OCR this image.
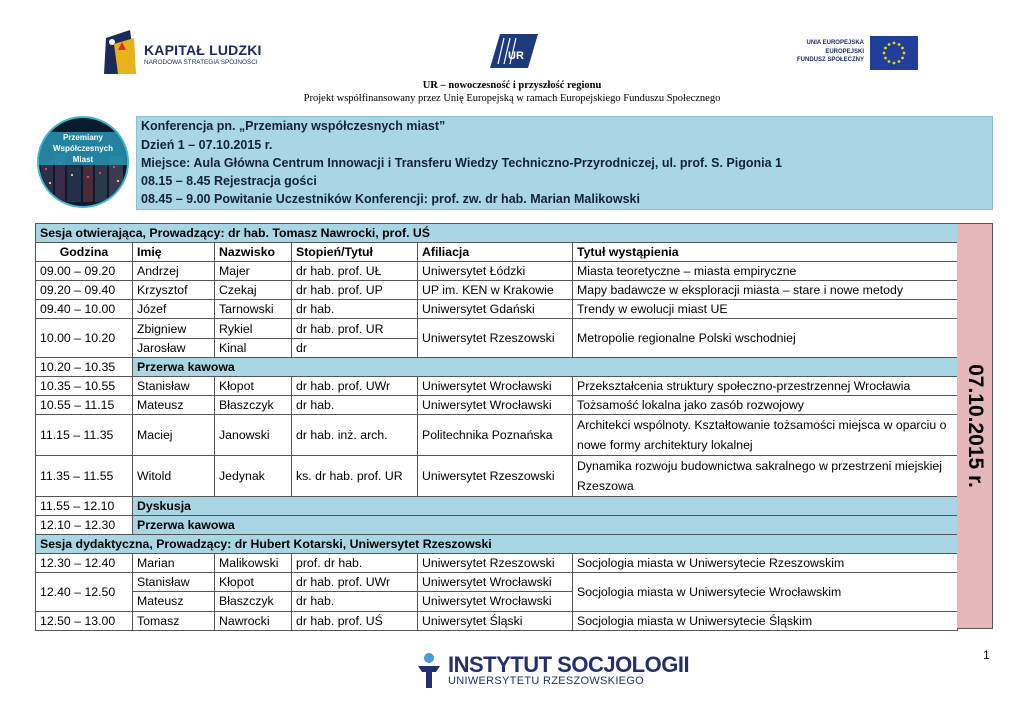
KAPITAŁ LUDZKI
NARODOWA STRATEGIA SPÓJNOŚCI
UR
UNIA EUROPEJSKA
EUROPEJSKI
FUNDUSZ SPOŁECZNY
UR – nowoczesność i przyszłość regionu
Projekt współfinansowany przez Unię Europejską w ramach Europejskiego Funduszu Społecznego
Przemiany
Współczesnych
Miast
Konferencja pn. „Przemiany współczesnych miast”
Dzień 1 – 07.10.2015 r.
Miejsce: Aula Główna Centrum Innowacji i Transferu Wiedzy Techniczno-Przyrodniczej, ul. prof. S. Pigonia 1
08.15 – 8.45 Rejestracja gości
08.45 – 9.00 Powitanie Uczestników Konferencji: prof. zw. dr hab. Marian Malikowski
Sesja otwierająca, Prowadzący: dr hab. Tomasz Nawrocki, prof. UŚ					
Godzina	Imię	Nazwisko	Stopień/Tytuł	Afiliacja	Tytuł wystąpienia
09.00 – 09.20	Andrzej	Majer	dr hab. prof. UŁ	Uniwersytet Łódzki	Miasta teoretyczne – miasta empiryczne
09.20 – 09.40	Krzysztof	Czekaj	dr hab. prof. UP	UP im. KEN w Krakowie	Mapy badawcze w eksploracji miasta – stare i nowe metody
09.40 – 10.00	Józef	Tarnowski	dr hab.	Uniwersytet Gdański	Trendy w ewolucji miast UE
10.00 – 10.20	Zbigniew	Rykiel	dr hab. prof. UR	Uniwersytet Rzeszowski	Metropolie regionalne Polski wschodniej
	Jarosław	Kinal	dr		
10.20 – 10.35	Przerwa kawowa				
10.35 – 10.55	Stanisław	Kłopot	dr hab. prof. UWr	Uniwersytet Wrocławski	Przekształcenia struktury społeczno-przestrzennej Wrocławia
10.55 – 11.15	Mateusz	Błaszczyk	dr hab.	Uniwersytet Wrocławski	Tożsamość lokalna jako zasób rozwojowy
11.15 – 11.35	Maciej	Janowski	dr hab. inż. arch.	Politechnika Poznańska	Architekci wspólnoty. Kształtowanie tożsamości miejsca w oparciu o nowe formy architektury lokalnej
11.35 – 11.55	Witold	Jedynak	ks. dr hab. prof. UR	Uniwersytet Rzeszowski	Dynamika rozwoju budownictwa sakralnego w przestrzeni miejskiej Rzeszowa
11.55 – 12.10	Dyskusja				
12.10 – 12.30	Przerwa kawowa				
Sesja dydaktyczna, Prowadzący: dr Hubert Kotarski, Uniwersytet Rzeszowski					
12.30 – 12.40	Marian	Malikowski	prof. dr hab.	Uniwersytet Rzeszowski	Socjologia miasta w Uniwersytecie Rzeszowskim
12.40 – 12.50	Stanisław	Kłopot	dr hab. prof. UWr	Uniwersytet Wrocławski	Socjologia miasta w Uniwersytecie Wrocławskim
	Mateusz	Błaszczyk	dr hab.	Uniwersytet Wrocławski	
12.50 – 13.00	Tomasz	Nawrocki	dr hab. prof. UŚ	Uniwersytet Śląski	Socjologia miasta w Uniwersytecie Śląskim
07.10.2015 r.
1
INSTYTUT SOCJOLOGII
UNIWERSYTETU RZESZOWSKIEGO
